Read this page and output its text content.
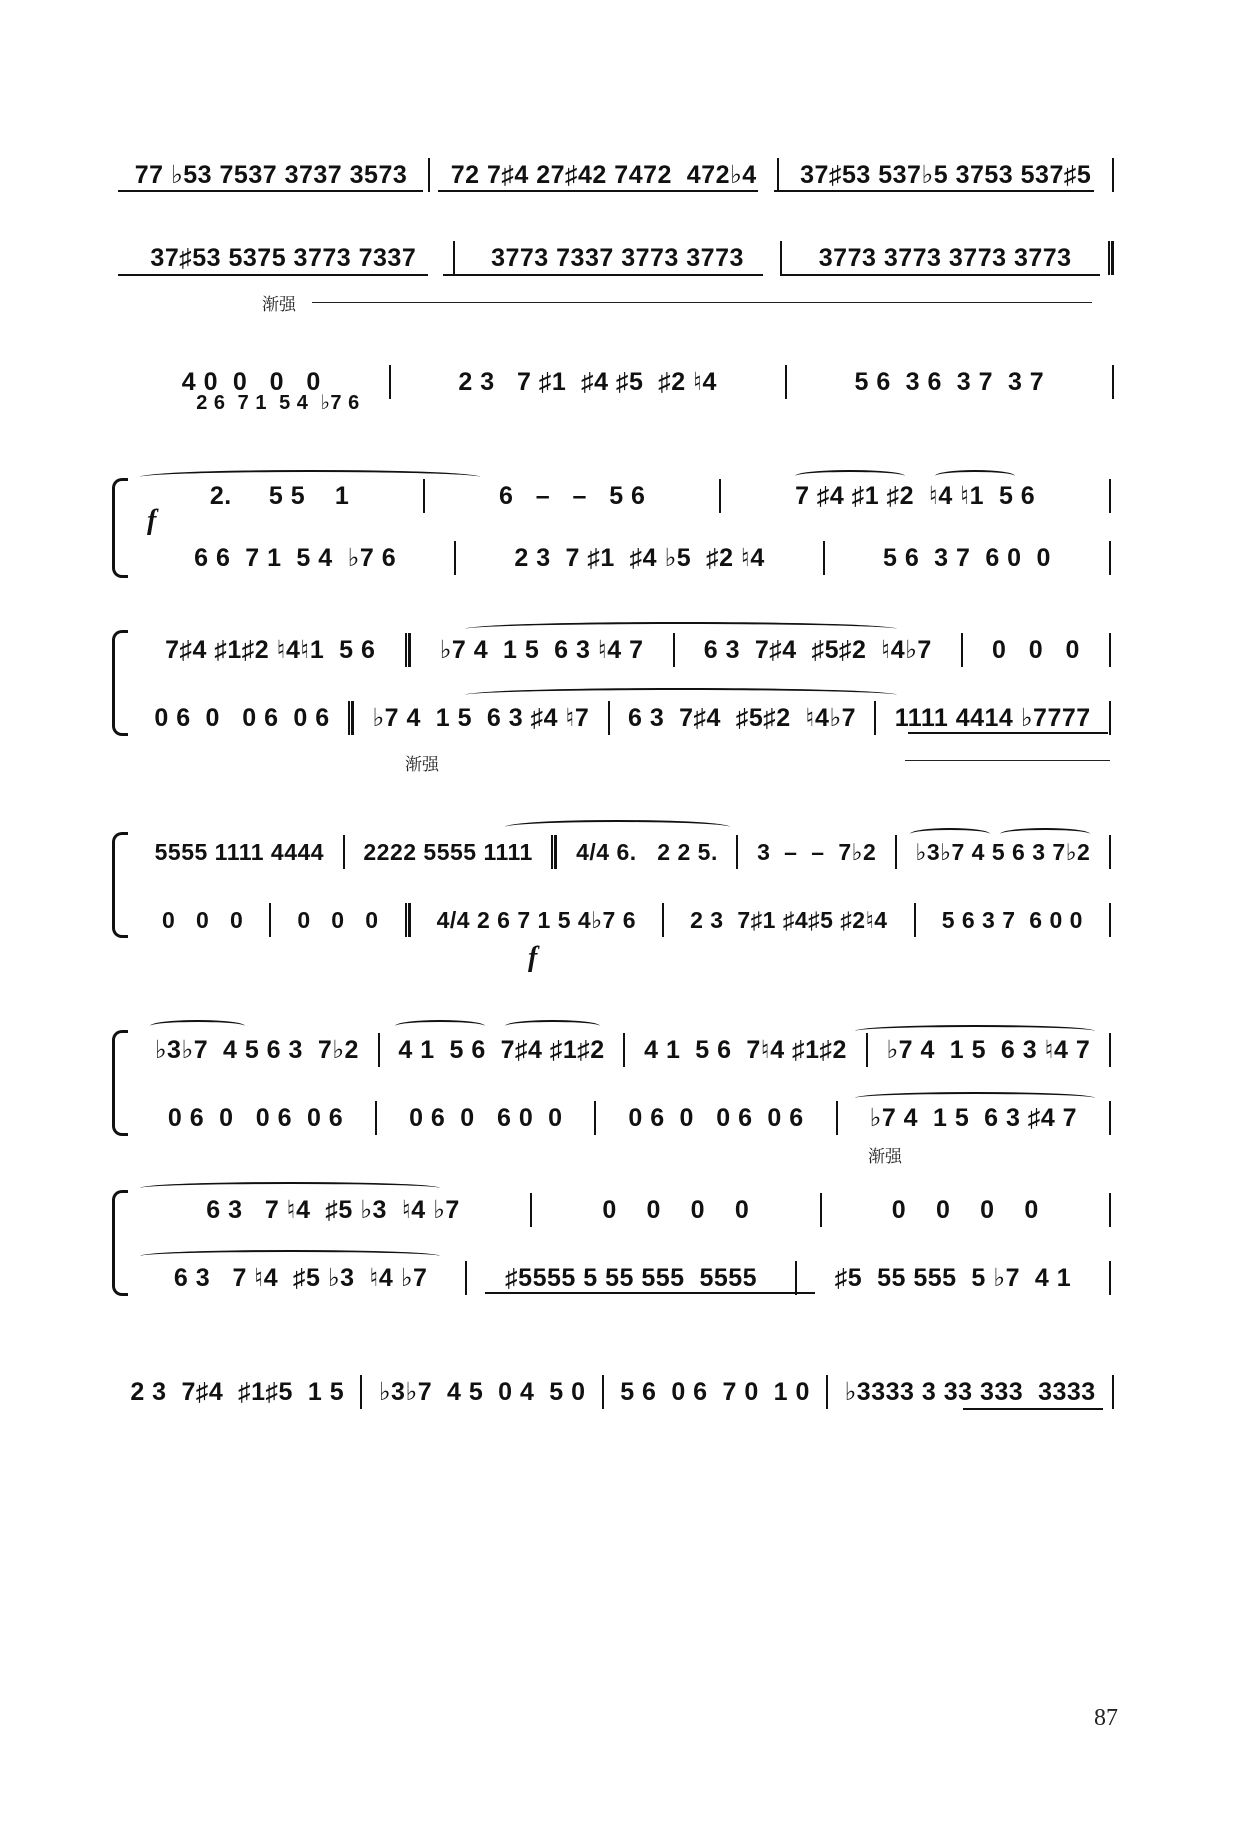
77 ♭53 7537 3737 3573	72 7♯4 27♯42 7472  472♭4	37♯53 537♭5 3753 537♯5
37♯53 5375 3773 7337	3773 7337 3773 3773	3773 3773 3773 3773
渐强
4 0  0   0   0	2 3   7 ♯1  ♯4 ♯5  ♯2 ♮4	5 6  3 6  3 7  3 7
2 6  7 1  5 4  ♭7 6
2.     5 5    1	6   –   –   5 6	7 ♯4 ♯1 ♯2  ♮4 ♮1  5 6
f
6 6  7 1  5 4  ♭7 6	2 3  7 ♯1  ♯4 ♭5  ♯2 ♮4	5 6  3 7  6 0  0
7♯4 ♯1♯2 ♮4♮1  5 6	♭7 4  1 5  6 3 ♮4 7	6 3  7♯4  ♯5♯2  ♮4♭7	0   0   0
0 6  0   0 6  0 6	♭7 4  1 5  6 3 ♯4 ♮7	6 3  7♯4  ♯5♯2  ♮4♭7	1111 4414 ♭7777
渐强
5555 1111 4444	2222 5555 1111	4/4 6.   2 2 5.	3  –  –  7♭2	♭3♭7 4 5 6 3 7♭2
0   0   0	0   0   0	4/4 2 6 7 1 5 4♭7 6	2 3  7♯1 ♯4♯5 ♯2♮4	5 6 3 7  6 0 0
f
♭3♭7  4 5 6 3  7♭2	4 1  5 6  7♯4 ♯1♯2	4 1  5 6  7♮4 ♯1♯2	♭7 4  1 5  6 3 ♮4 7
0 6  0   0 6  0 6	0 6  0   6 0  0	0 6  0   0 6  0 6	♭7 4  1 5  6 3 ♯4 7
渐强
6 3   7 ♮4  ♯5 ♭3  ♮4 ♭7	0    0    0    0	0    0    0    0
6 3   7 ♮4  ♯5 ♭3  ♮4 ♭7	♯5555 5 55 555  5555	♯5  55 555  5 ♭7  4 1
2 3  7♯4  ♯1♯5  1 5	♭3♭7  4 5  0 4  5 0	5 6  0 6  7 0  1 0	♭3333 3 33 333  3333
87
